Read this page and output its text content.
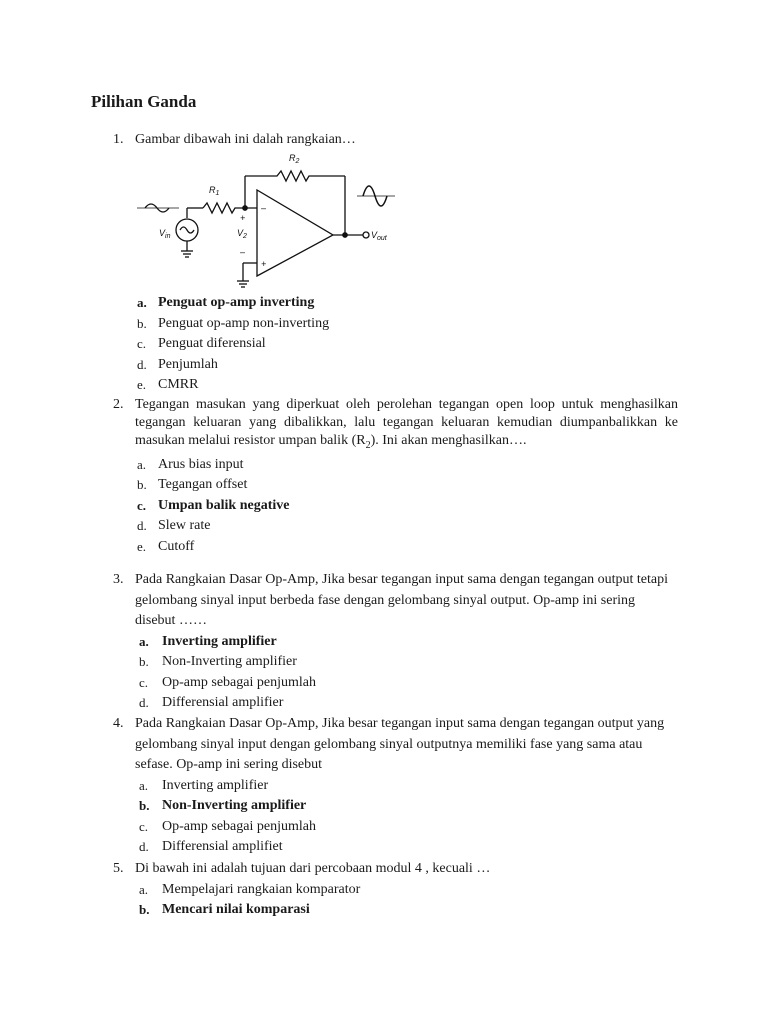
Pilihan Ganda
1. Gambar dibawah ini dalah rangkaian…
$R_2$
$R_1$
$V_{in}$	$V_2$	$V_{out}$
–
+
+
–
a. Penguat op-amp inverting
b. Penguat op-amp non-inverting
c. Penguat diferensial
d. Penjumlah
e. CMRR
2. Tegangan masukan yang diperkuat oleh perolehan tegangan open loop untuk menghasilkan tegangan keluaran yang dibalikkan, lalu tegangan keluaran kemudian diumpanbalikkan ke masukan melalui resistor umpan balik $(R_2)$. Ini akan menghasilkan….
a. Arus bias input
b. Tegangan offset
c. Umpan balik negative
d. Slew rate
e. Cutoff
3. Pada Rangkaian Dasar Op-Amp, Jika besar tegangan input sama dengan tegangan output tetapi gelombang sinyal input berbeda fase dengan gelombang sinyal output. Op-amp ini sering disebut ……
a. Inverting amplifier
b. Non-Inverting amplifier
c. Op-amp sebagai penjumlah
d. Differensial amplifier
4. Pada Rangkaian Dasar Op-Amp, Jika besar tegangan input sama dengan tegangan output yang gelombang sinyal input dengan gelombang sinyal outputnya memiliki fase yang sama atau sefase. Op-amp ini sering disebut
a. Inverting amplifier
b. Non-Inverting amplifier
c. Op-amp sebagai penjumlah
d. Differensial amplifiet
5. Di bawah ini adalah tujuan dari percobaan modul 4 , kecuali …
a. Mempelajari rangkaian komparator
b. Mencari nilai komparasi
